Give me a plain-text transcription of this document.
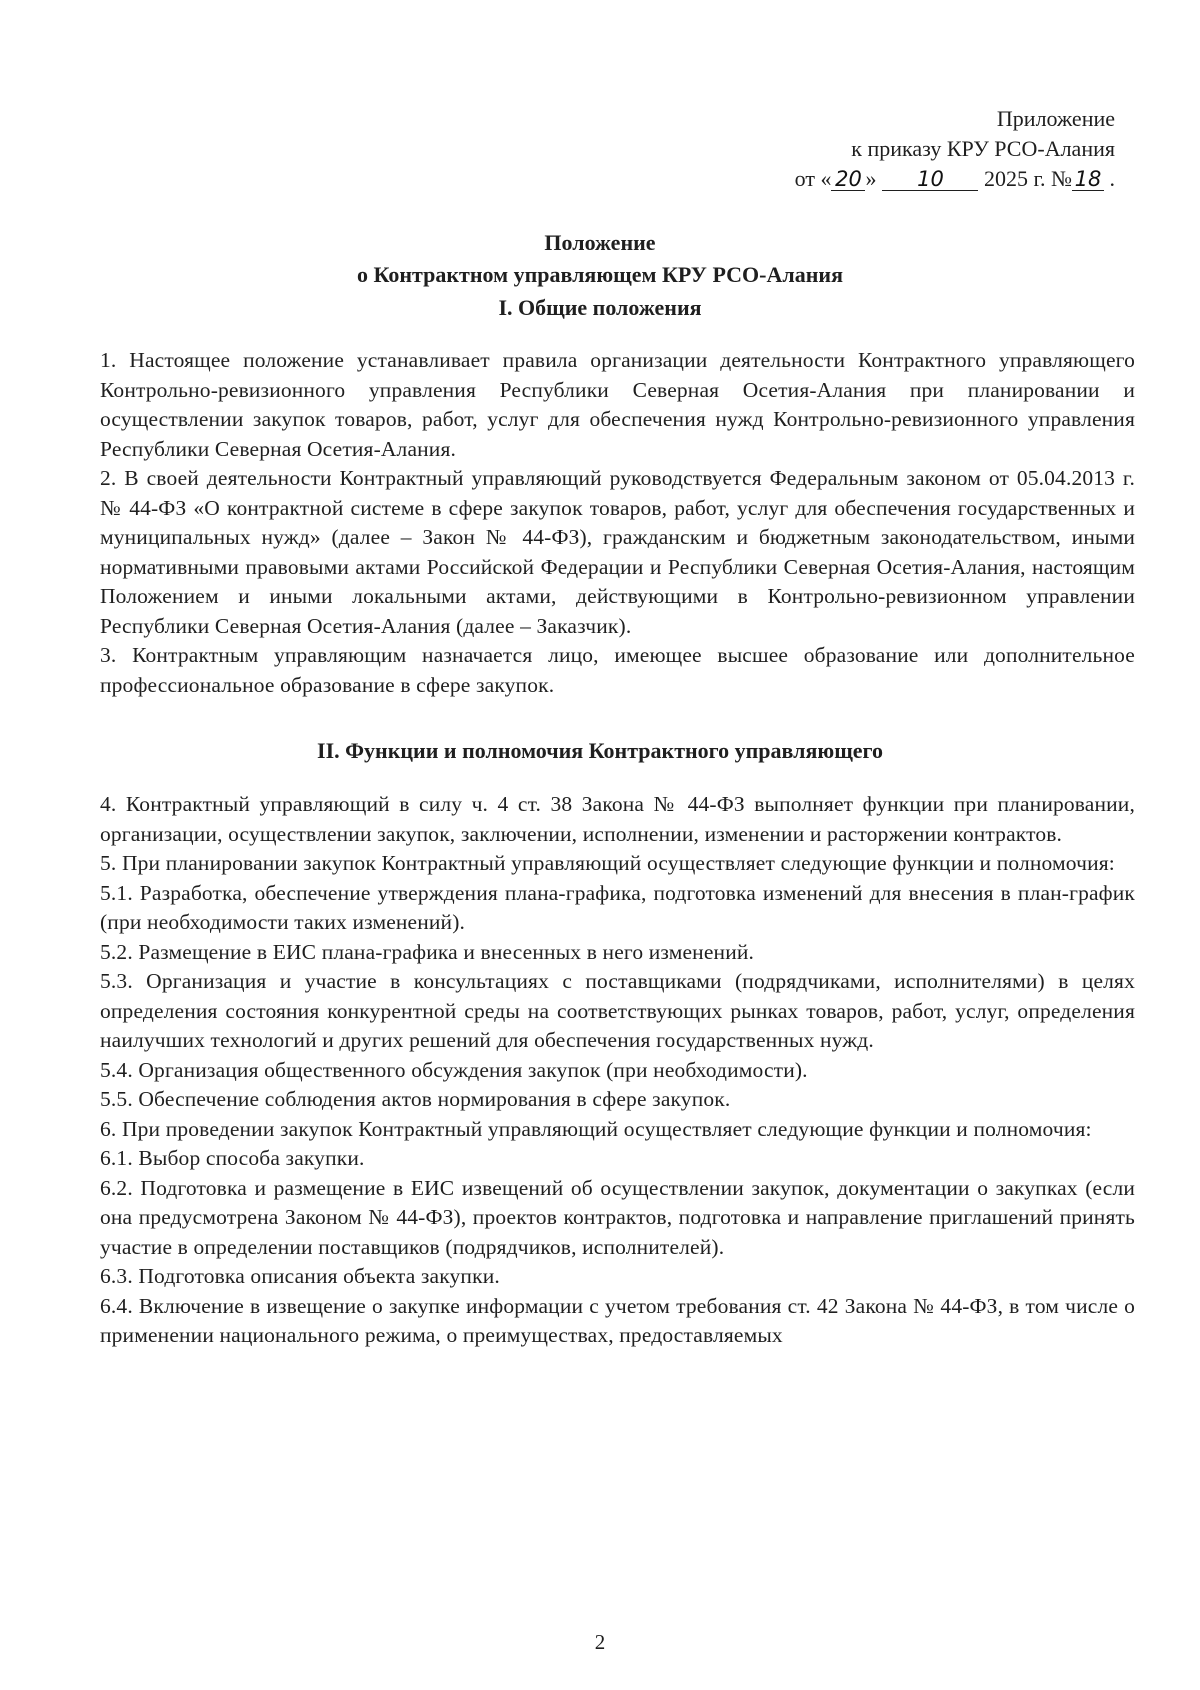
Приложение
к приказу КРУ РСО-Алания
от « 20 » 10 2025 г. № 18 .
Положение
о Контрактном управляющем КРУ РСО-Алания
I. Общие положения

1. Настоящее положение устанавливает правила организации деятельности Контрактного управляющего Контрольно-ревизионного управления Республики Северная Осетия-Алания при планировании и осуществлении закупок товаров, работ, услуг для обеспечения нужд Контрольно-ревизионного управления Республики Северная Осетия-Алания.

2. В своей деятельности Контрактный управляющий руководствуется Федеральным законом от 05.04.2013 г. № 44-ФЗ «О контрактной системе в сфере закупок товаров, работ, услуг для обеспечения государственных и муниципальных нужд» (далее – Закон № 44-ФЗ), гражданским и бюджетным законодательством, иными нормативными правовыми актами Российской Федерации и Республики Северная Осетия-Алания, настоящим Положением и иными локальными актами, действующими в Контрольно-ревизионном управлении Республики Северная Осетия-Алания (далее – Заказчик).

3. Контрактным управляющим назначается лицо, имеющее высшее образование или дополнительное профессиональное образование в сфере закупок.

II. Функции и полномочия Контрактного управляющего

4. Контрактный управляющий в силу ч. 4 ст. 38 Закона № 44-ФЗ выполняет функции при планировании, организации, осуществлении закупок, заключении, исполнении, изменении и расторжении контрактов.

5. При планировании закупок Контрактный управляющий осуществляет следующие функции и полномочия:

5.1. Разработка, обеспечение утверждения плана-графика, подготовка изменений для внесения в план-график (при необходимости таких изменений).

5.2. Размещение в ЕИС плана-графика и внесенных в него изменений.

5.3. Организация и участие в консультациях с поставщиками (подрядчиками, исполнителями) в целях определения состояния конкурентной среды на соответствующих рынках товаров, работ, услуг, определения наилучших технологий и других решений для обеспечения государственных нужд.

5.4. Организация общественного обсуждения закупок (при необходимости).

5.5. Обеспечение соблюдения актов нормирования в сфере закупок.

6. При проведении закупок Контрактный управляющий осуществляет следующие функции и полномочия:

6.1. Выбор способа закупки.

6.2. Подготовка и размещение в ЕИС извещений об осуществлении закупок, документации о закупках (если она предусмотрена Законом № 44-ФЗ), проектов контрактов, подготовка и направление приглашений принять участие в определении поставщиков (подрядчиков, исполнителей).

6.3. Подготовка описания объекта закупки.

6.4. Включение в извещение о закупке информации с учетом требования ст. 42 Закона № 44-ФЗ, в том числе о применении национального режима, о преимуществах, предоставляемых

2
